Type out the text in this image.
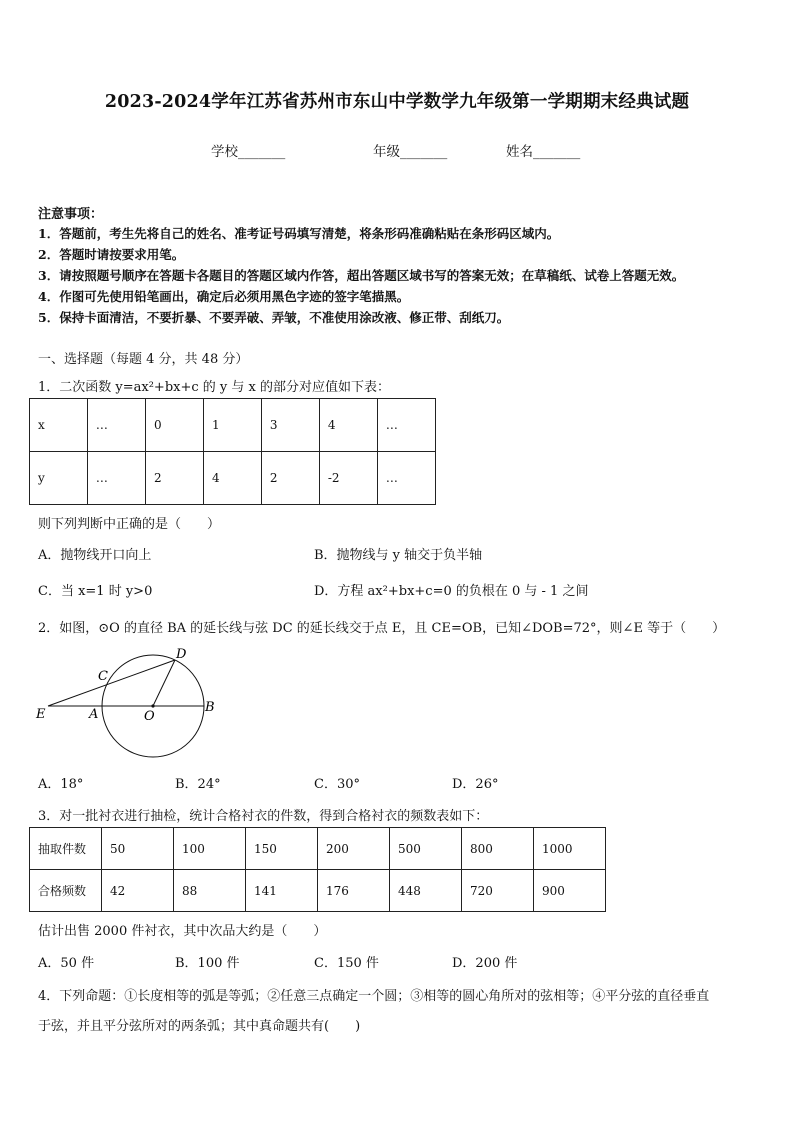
2023-2024学年江苏省苏州市东山中学数学九年级第一学期期末经典试题
学校_______	年级_______	姓名_______
注意事项：
1．答题前，考生先将自己的姓名、准考证号码填写清楚，将条形码准确粘贴在条形码区域内。
2．答题时请按要求用笔。
3．请按照题号顺序在答题卡各题目的答题区域内作答，超出答题区域书写的答案无效；在草稿纸、试卷上答题无效。
4．作图可先使用铅笔画出，确定后必须用黑色字迹的签字笔描黑。
5．保持卡面清洁，不要折暴、不要弄破、弄皱，不准使用涂改液、修正带、刮纸刀。
一、选择题（每题 4 分，共 48 分）
1．二次函数 y=ax²+bx+c 的 y 与 x 的部分对应值如下表：
x	…	0	1	3	4	…
y	…	2	4	2	-2	…
则下列判断中正确的是（　　）
A．抛物线开口向上	B．抛物线与 y 轴交于负半轴
C．当 x=1 时 y>0	D．方程 ax²+bx+c=0 的负根在 0 与 - 1 之间
2．如图，⊙O 的直径 BA 的延长线与弦 DC 的延长线交于点 E，且 CE=OB，已知∠DOB=72°，则∠E 等于（　　）
D
C
E	A	O
B
A．18°	B．24°	C．30°	D．26°
3．对一批衬衣进行抽检，统计合格衬衣的件数，得到合格衬衣的频数表如下：
抽取件数	50	100	150	200	500	800	1000
合格频数	42	88	141	176	448	720	900
估计出售 2000 件衬衣，其中次品大约是（　　）
A．50 件	B．100 件	C．150 件	D．200 件
4．下列命题：①长度相等的弧是等弧；②任意三点确定一个圆；③相等的圆心角所对的弦相等；④平分弦的直径垂直
于弦，并且平分弦所对的两条弧；其中真命题共有(　　)
